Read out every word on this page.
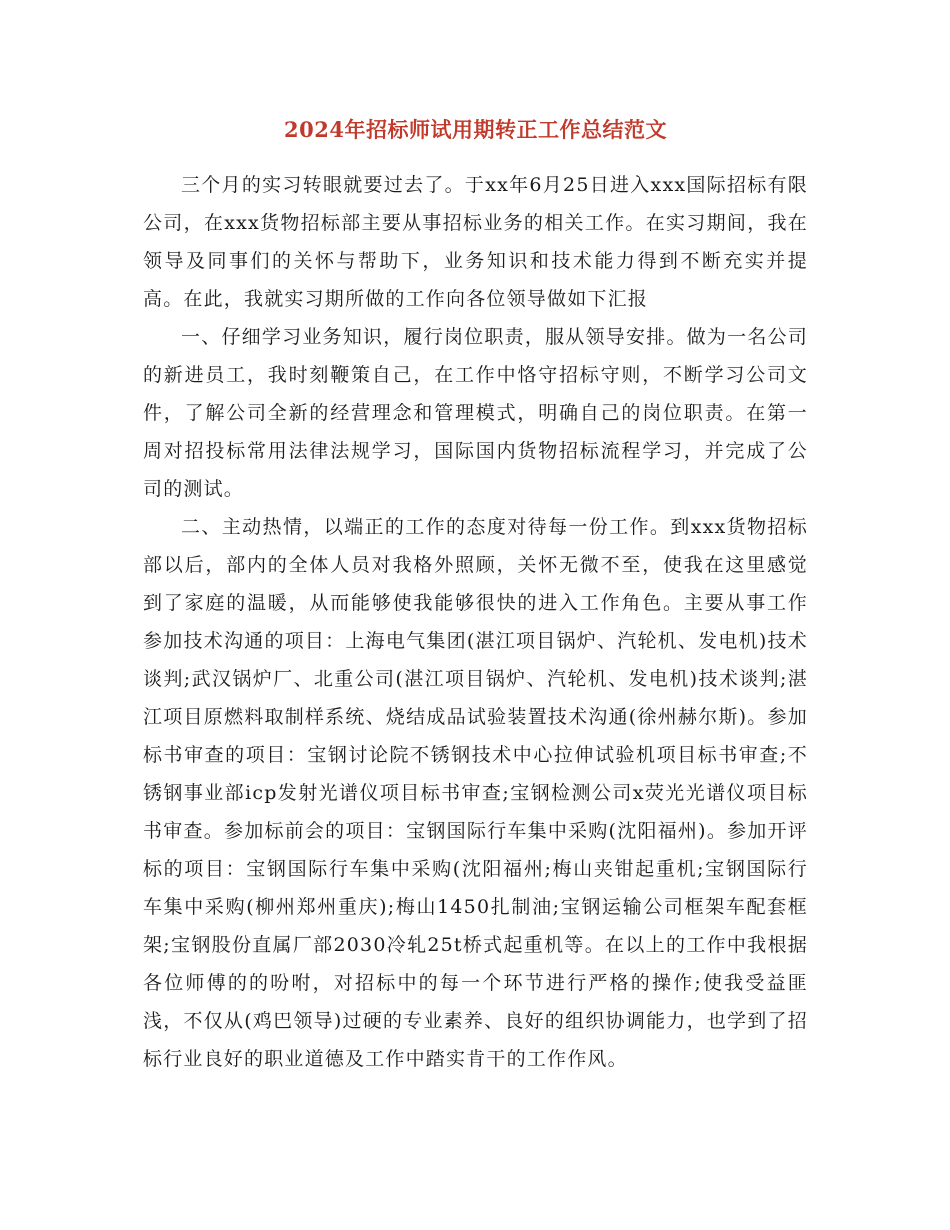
2024年招标师试用期转正工作总结范文

三个月的实习转眼就要过去了。于xx年6月25日进入xxx国际招标有限公司，在xxx货物招标部主要从事招标业务的相关工作。在实习期间，我在领导及同事们的关怀与帮助下，业务知识和技术能力得到不断充实并提高。在此，我就实习期所做的工作向各位领导做如下汇报

一、仔细学习业务知识，履行岗位职责，服从领导安排。做为一名公司的新进员工，我时刻鞭策自己，在工作中恪守招标守则，不断学习公司文件，了解公司全新的经营理念和管理模式，明确自己的岗位职责。在第一周对招投标常用法律法规学习，国际国内货物招标流程学习，并完成了公司的测试。

二、主动热情，以端正的工作的态度对待每一份工作。到xxx货物招标部以后，部内的全体人员对我格外照顾，关怀无微不至，使我在这里感觉到了家庭的温暖，从而能够使我能够很快的进入工作角色。主要从事工作参加技术沟通的项目：上海电气集团(湛江项目锅炉、汽轮机、发电机)技术谈判;武汉锅炉厂、北重公司(湛江项目锅炉、汽轮机、发电机)技术谈判;湛江项目原燃料取制样系统、烧结成品试验装置技术沟通(徐州赫尔斯)。参加标书审查的项目：宝钢讨论院不锈钢技术中心拉伸试验机项目标书审查;不锈钢事业部icp发射光谱仪项目标书审查;宝钢检测公司x荧光光谱仪项目标书审查。参加标前会的项目：宝钢国际行车集中采购(沈阳福州)。参加开评标的项目：宝钢国际行车集中采购(沈阳福州;梅山夹钳起重机;宝钢国际行车集中采购(柳州郑州重庆);梅山1450扎制油;宝钢运输公司框架车配套框架;宝钢股份直属厂部2030冷轧25t桥式起重机等。在以上的工作中我根据各位师傅的的吩咐，对招标中的每一个环节进行严格的操作;使我受益匪浅，不仅从(鸡巴领导)过硬的专业素养、良好的组织协调能力，也学到了招标行业良好的职业道德及工作中踏实肯干的工作作风。
